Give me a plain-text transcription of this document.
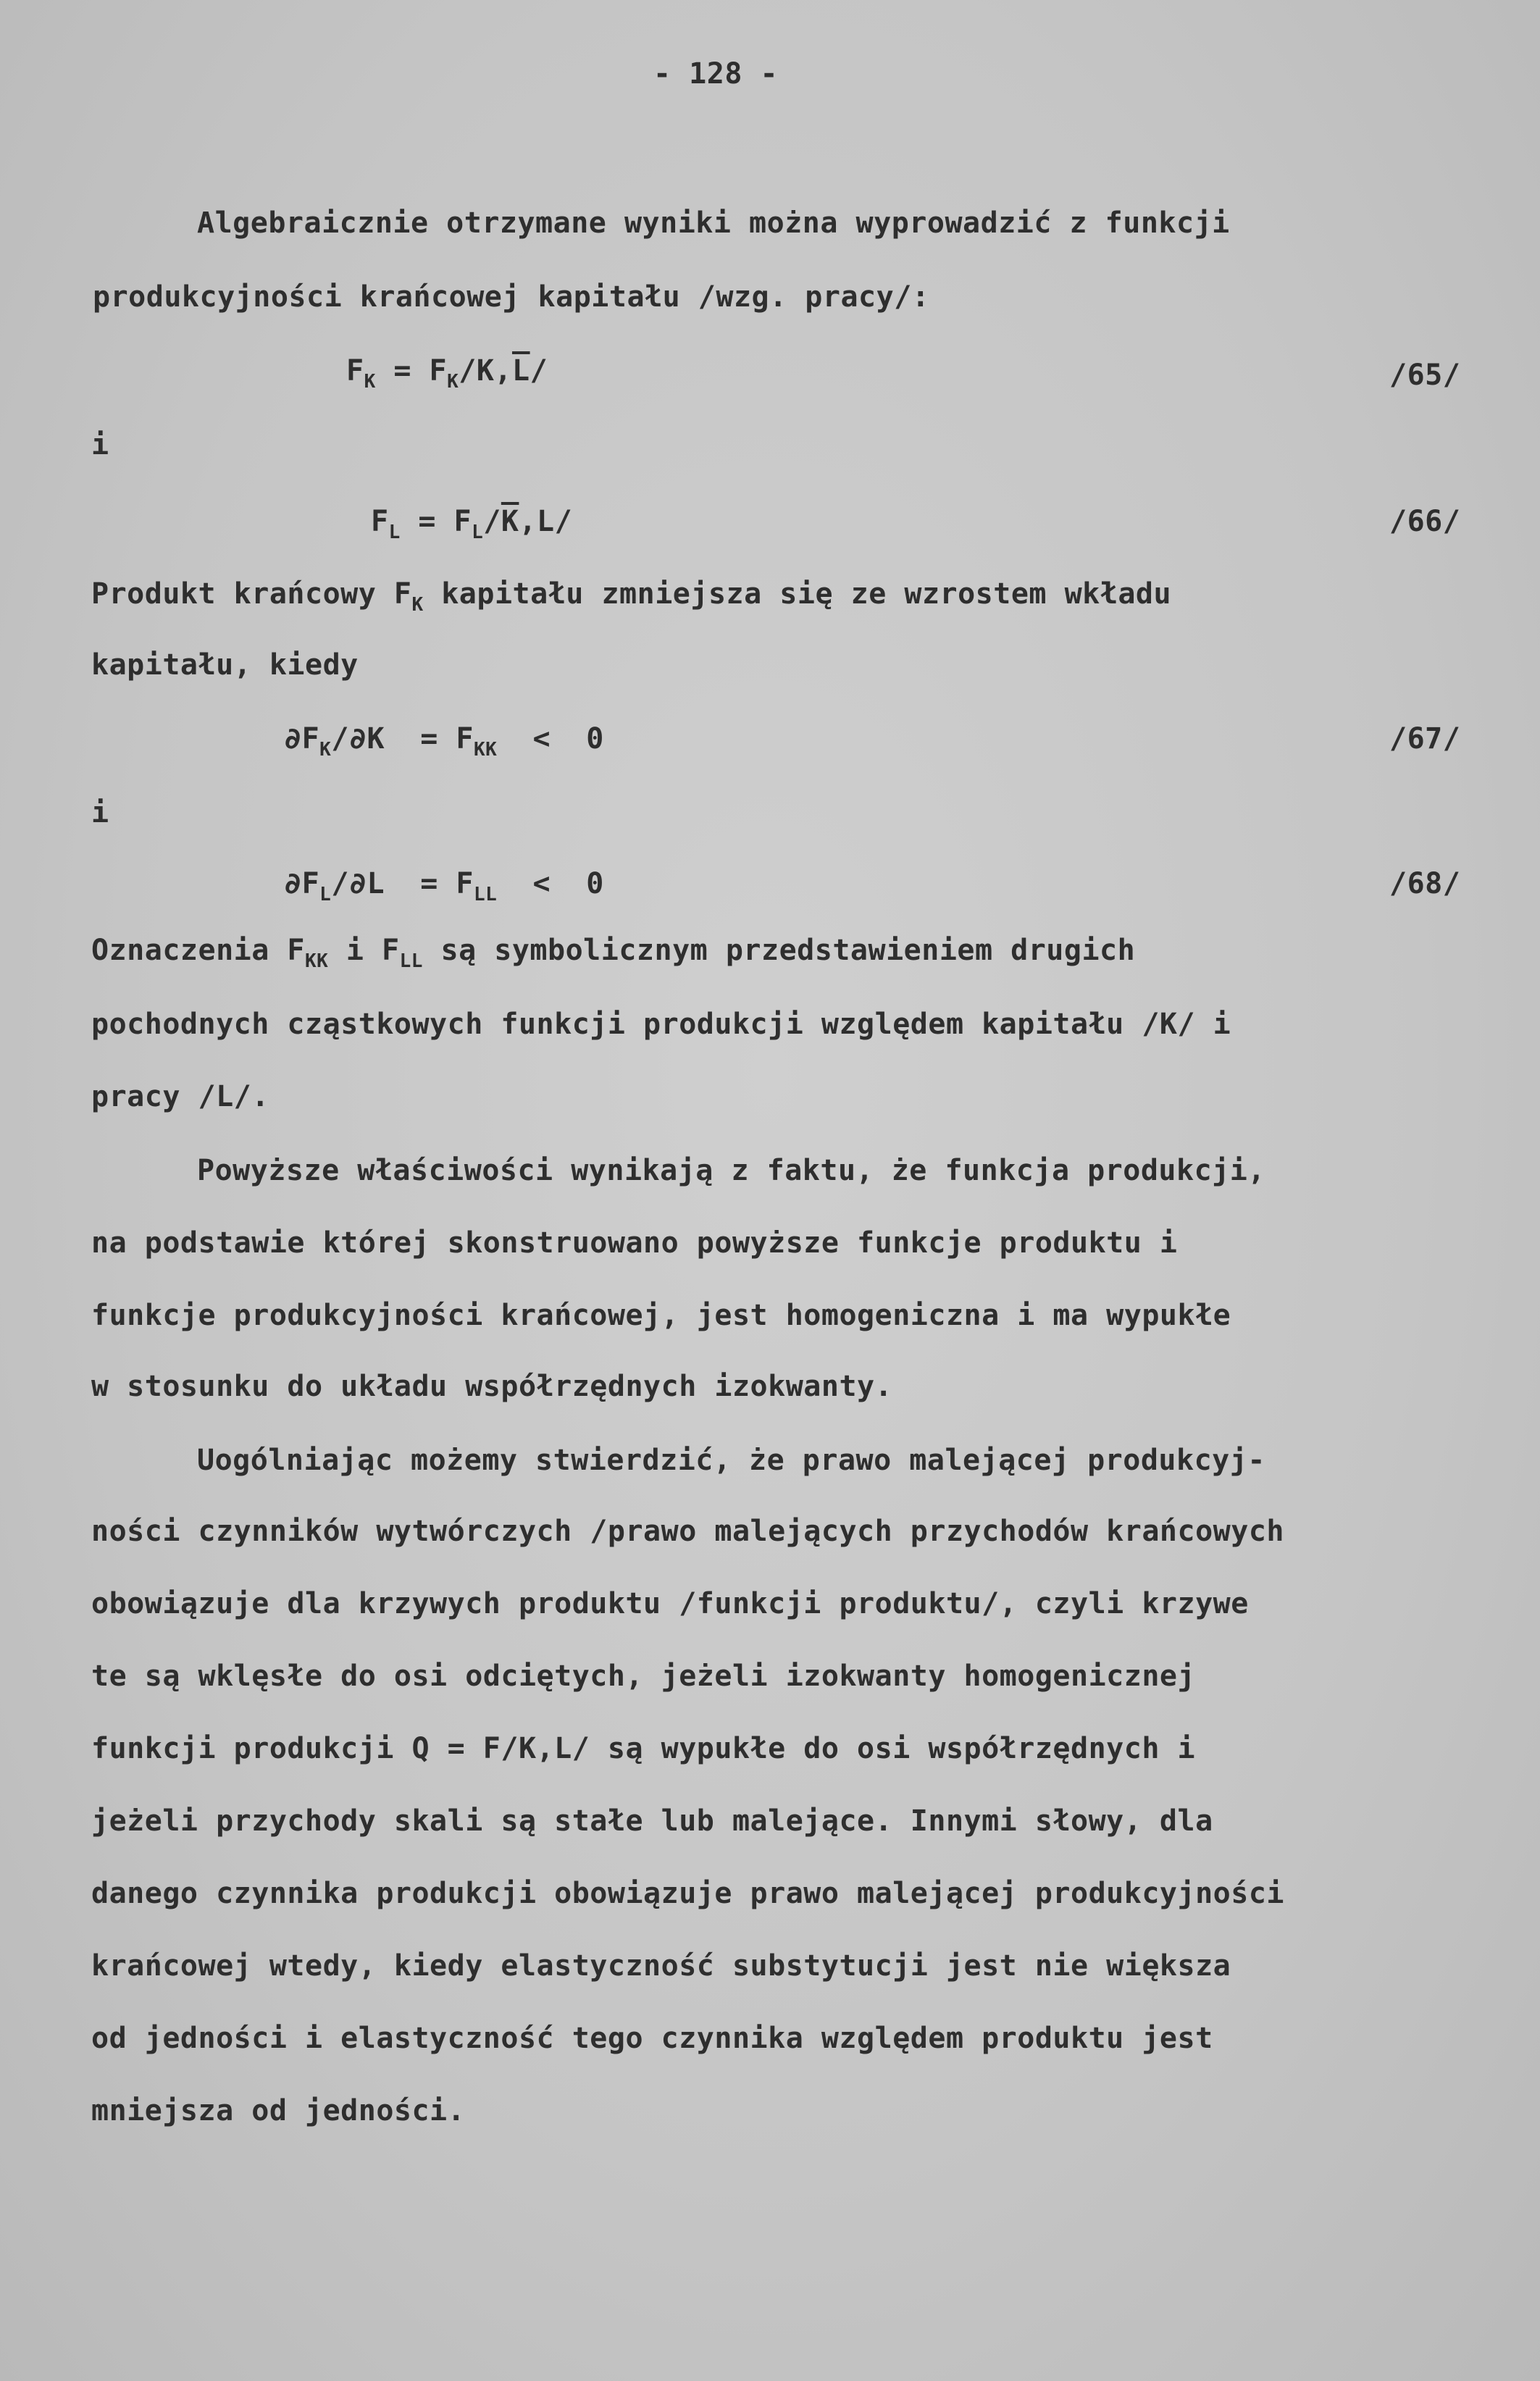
- 128 -
Algebraicznie otrzymane wyniki można wyprowadzić z funkcji
produkcyjności krańcowej kapitału /wzg. pracy/:
$F_K = F_K/K,\overline{L}/$	/65/
i
$F_L = F_L/\overline{K},L/$	/66/
Produkt krańcowy $F_K$ kapitału zmniejsza się ze wzrostem wkładu
kapitału, kiedy
$\partial F_K/\partial K = F_{KK} < 0$	/67/
i
$\partial F_L/\partial L = F_{LL} < 0$	/68/
Oznaczenia $F_{KK}$ i $F_{LL}$ są symbolicznym przedstawieniem drugich
pochodnych cząstkowych funkcji produkcji względem kapitału /K/ i
pracy /L/.
Powyższe właściwości wynikają z faktu, że funkcja produkcji,
na podstawie której skonstruowano powyższe funkcje produktu i
funkcje produkcyjności krańcowej, jest homogeniczna i ma wypukłe
w stosunku do układu współrzędnych izokwanty.
Uogólniając możemy stwierdzić, że prawo malejącej produkcyj-
ności czynników wytwórczych /prawo malejących przychodów krańcowych
obowiązuje dla krzywych produktu /funkcji produktu/, czyli krzywe
te są wklęsłe do osi odciętych, jeżeli izokwanty homogenicznej
funkcji produkcji Q = F/K,L/ są wypukłe do osi współrzędnych i
jeżeli przychody skali są stałe lub malejące. Innymi słowy, dla
danego czynnika produkcji obowiązuje prawo malejącej produkcyjności
krańcowej wtedy, kiedy elastyczność substytucji jest nie większa
od jedności i elastyczność tego czynnika względem produktu jest
mniejsza od jedności.
